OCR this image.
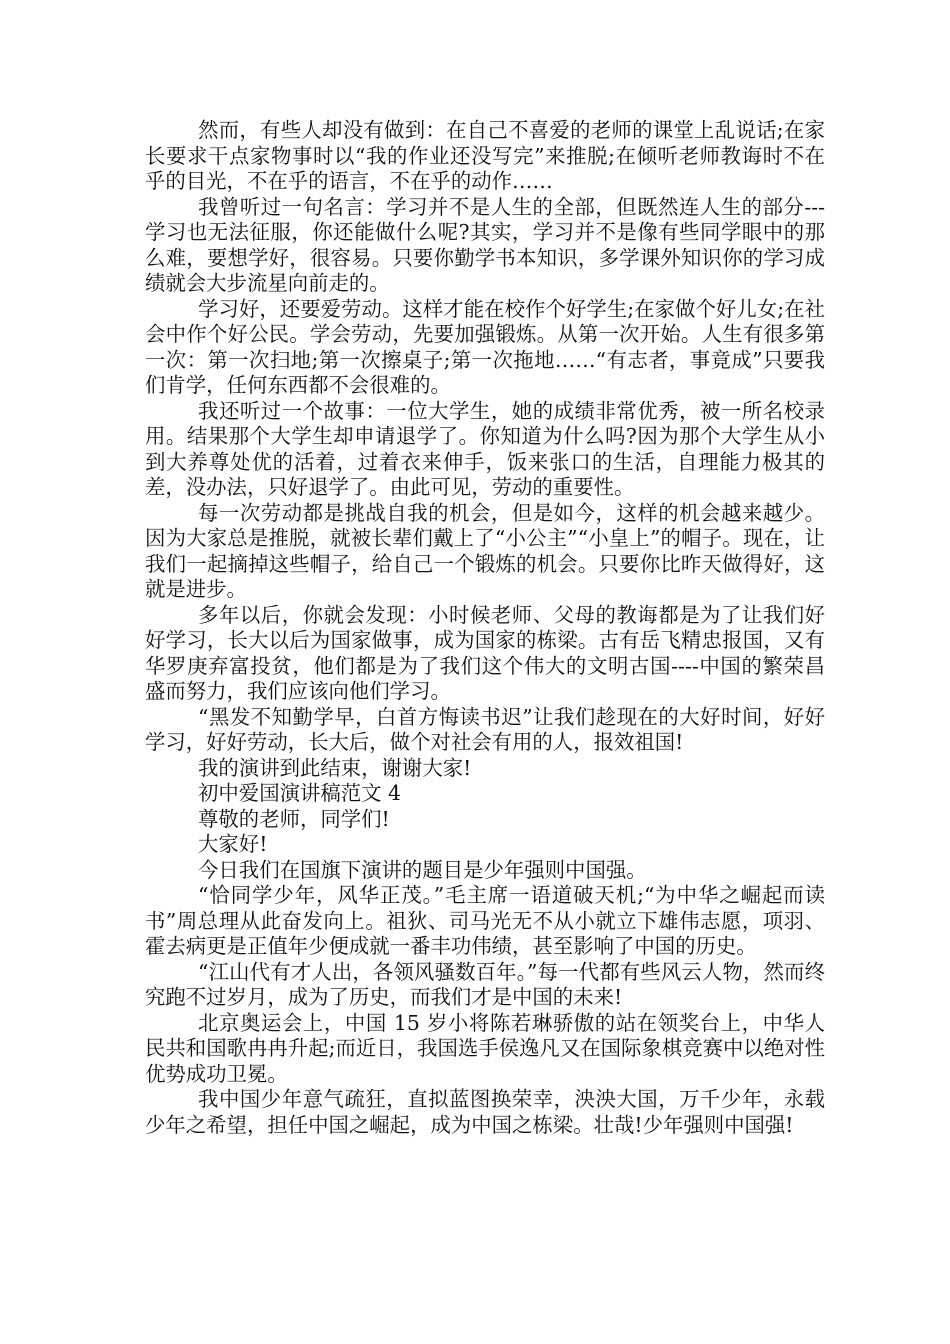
然而，有些人却没有做到：在自己不喜爱的老师的课堂上乱说话;在家长要求干点家物事时以“我的作业还没写完”来推脱;在倾听老师教诲时不在乎的目光，不在乎的语言，不在乎的动作……

我曾听过一句名言：学习并不是人生的全部，但既然连人生的部分---学习也无法征服，你还能做什么呢?其实，学习并不是像有些同学眼中的那么难，要想学好，很容易。只要你勤学书本知识，多学课外知识你的学习成绩就会大步流星向前走的。

学习好，还要爱劳动。这样才能在校作个好学生;在家做个好儿女;在社会中作个好公民。学会劳动，先要加强锻炼。从第一次开始。人生有很多第一次：第一次扫地;第一次擦桌子;第一次拖地……“有志者，事竟成”只要我们肯学，任何东西都不会很难的。

我还听过一个故事：一位大学生，她的成绩非常优秀，被一所名校录用。结果那个大学生却申请退学了。你知道为什么吗?因为那个大学生从小到大养尊处优的活着，过着衣来伸手，饭来张口的生活，自理能力极其的差，没办法，只好退学了。由此可见，劳动的重要性。

每一次劳动都是挑战自我的机会，但是如今，这样的机会越来越少。因为大家总是推脱，就被长辈们戴上了“小公主”“小皇上”的帽子。现在，让我们一起摘掉这些帽子，给自己一个锻炼的机会。只要你比昨天做得好，这就是进步。

多年以后，你就会发现：小时候老师、父母的教诲都是为了让我们好好学习，长大以后为国家做事，成为国家的栋梁。古有岳飞精忠报国，又有华罗庚弃富投贫，他们都是为了我们这个伟大的文明古国----中国的繁荣昌盛而努力，我们应该向他们学习。

“黑发不知勤学早，白首方悔读书迟”让我们趁现在的大好时间，好好学习，好好劳动，长大后，做个对社会有用的人，报效祖国!

我的演讲到此结束，谢谢大家!

初中爱国演讲稿范文 4

尊敬的老师，同学们!

大家好!

今日我们在国旗下演讲的题目是少年强则中国强。

“恰同学少年，风华正茂。”毛主席一语道破天机;“为中华之崛起而读书”周总理从此奋发向上。祖狄、司马光无不从小就立下雄伟志愿，项羽、霍去病更是正值年少便成就一番丰功伟绩，甚至影响了中国的历史。

“江山代有才人出，各领风骚数百年。”每一代都有些风云人物，然而终究跑不过岁月，成为了历史，而我们才是中国的未来!

北京奥运会上，中国 15 岁小将陈若琳骄傲的站在领奖台上，中华人民共和国歌冉冉升起;而近日，我国选手侯逸凡又在国际象棋竞赛中以绝对性优势成功卫冕。

我中国少年意气疏狂，直拟蓝图换荣幸，泱泱大国，万千少年，永载少年之希望，担任中国之崛起，成为中国之栋梁。壮哉!少年强则中国强!
